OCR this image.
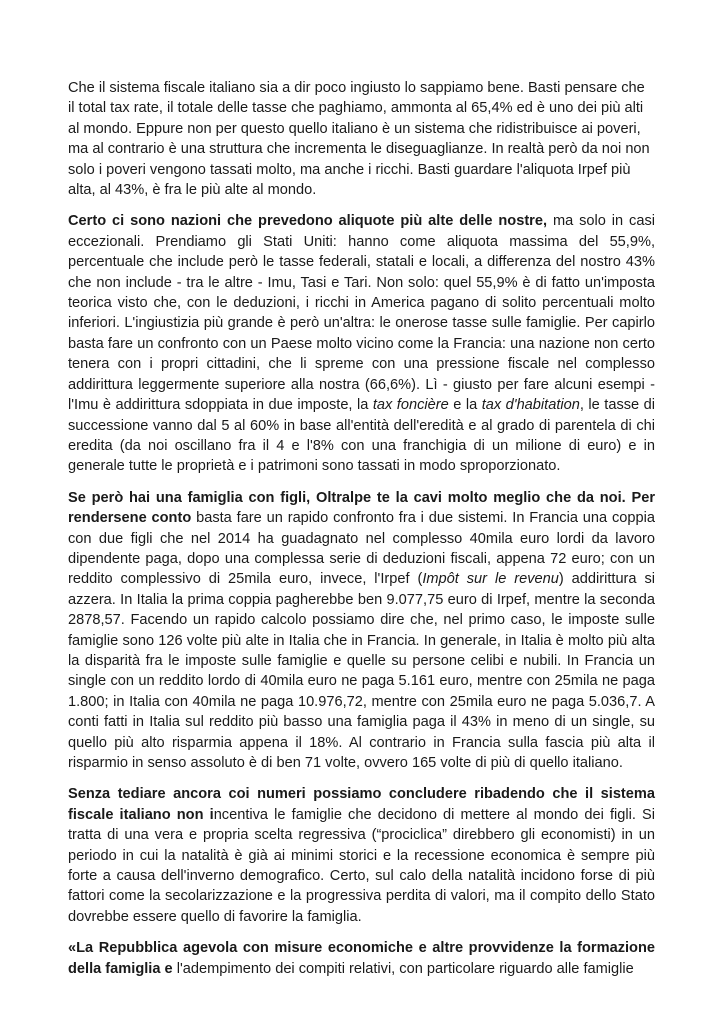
Che il sistema fiscale italiano sia a dir poco ingiusto lo sappiamo bene. Basti pensare che il total tax rate, il totale delle tasse che paghiamo, ammonta al 65,4% ed è uno dei più alti al mondo. Eppure non per questo quello italiano è un sistema che ridistribuisce ai poveri, ma al contrario è una struttura che incrementa le diseguaglianze. In realtà però da noi non solo i poveri vengono tassati molto, ma anche i ricchi. Basti guardare l'aliquota Irpef più alta, al 43%, è fra le più alte al mondo.

Certo ci sono nazioni che prevedono aliquote più alte delle nostre, ma solo in casi eccezionali. Prendiamo gli Stati Uniti: hanno come aliquota massima del 55,9%, percentuale che include però le tasse federali, statali e locali, a differenza del nostro 43% che non include - tra le altre - Imu, Tasi e Tari. Non solo: quel 55,9% è di fatto un'imposta teorica visto che, con le deduzioni, i ricchi in America pagano di solito percentuali molto inferiori. L'ingiustizia più grande è però un'altra: le onerose tasse sulle famiglie. Per capirlo basta fare un confronto con un Paese molto vicino come la Francia: una nazione non certo tenera con i propri cittadini, che li spreme con una pressione fiscale nel complesso addirittura leggermente superiore alla nostra (66,6%). Lì - giusto per fare alcuni esempi - l'Imu è addirittura sdoppiata in due imposte, la tax foncière e la tax d'habitation, le tasse di successione vanno dal 5 al 60% in base all'entità dell'eredità e al grado di parentela di chi eredita (da noi oscillano fra il 4 e l'8% con una franchigia di un milione di euro) e in generale tutte le proprietà e i patrimoni sono tassati in modo sproporzionato.

Se però hai una famiglia con figli, Oltralpe te la cavi molto meglio che da noi. Per rendersene conto basta fare un rapido confronto fra i due sistemi. In Francia una coppia con due figli che nel 2014 ha guadagnato nel complesso 40mila euro lordi da lavoro dipendente paga, dopo una complessa serie di deduzioni fiscali, appena 72 euro; con un reddito complessivo di 25mila euro, invece, l'Irpef (Impôt sur le revenu) addirittura si azzera. In Italia la prima coppia pagherebbe ben 9.077,75 euro di Irpef, mentre la seconda 2878,57. Facendo un rapido calcolo possiamo dire che, nel primo caso, le imposte sulle famiglie sono 126 volte più alte in Italia che in Francia. In generale, in Italia è molto più alta la disparità fra le imposte sulle famiglie e quelle su persone celibi e nubili. In Francia un single con un reddito lordo di 40mila euro ne paga 5.161 euro, mentre con 25mila ne paga 1.800; in Italia con 40mila ne paga 10.976,72, mentre con 25mila euro ne paga 5.036,7. A conti fatti in Italia sul reddito più basso una famiglia paga il 43% in meno di un single, su quello più alto risparmia appena il 18%. Al contrario in Francia sulla fascia più alta il risparmio in senso assoluto è di ben 71 volte, ovvero 165 volte di più di quello italiano.

Senza tediare ancora coi numeri possiamo concludere ribadendo che il sistema fiscale italiano non incentiva le famiglie che decidono di mettere al mondo dei figli. Si tratta di una vera e propria scelta regressiva (“prociclica” direbbero gli economisti) in un periodo in cui la natalità è già ai minimi storici e la recessione economica è sempre più forte a causa dell'inverno demografico. Certo, sul calo della natalità incidono forse di più fattori come la secolarizzazione e la progressiva perdita di valori, ma il compito dello Stato dovrebbe essere quello di favorire la famiglia.

«La Repubblica agevola con misure economiche e altre provvidenze la formazione della famiglia e l'adempimento dei compiti relativi, con particolare riguardo alle famiglie
